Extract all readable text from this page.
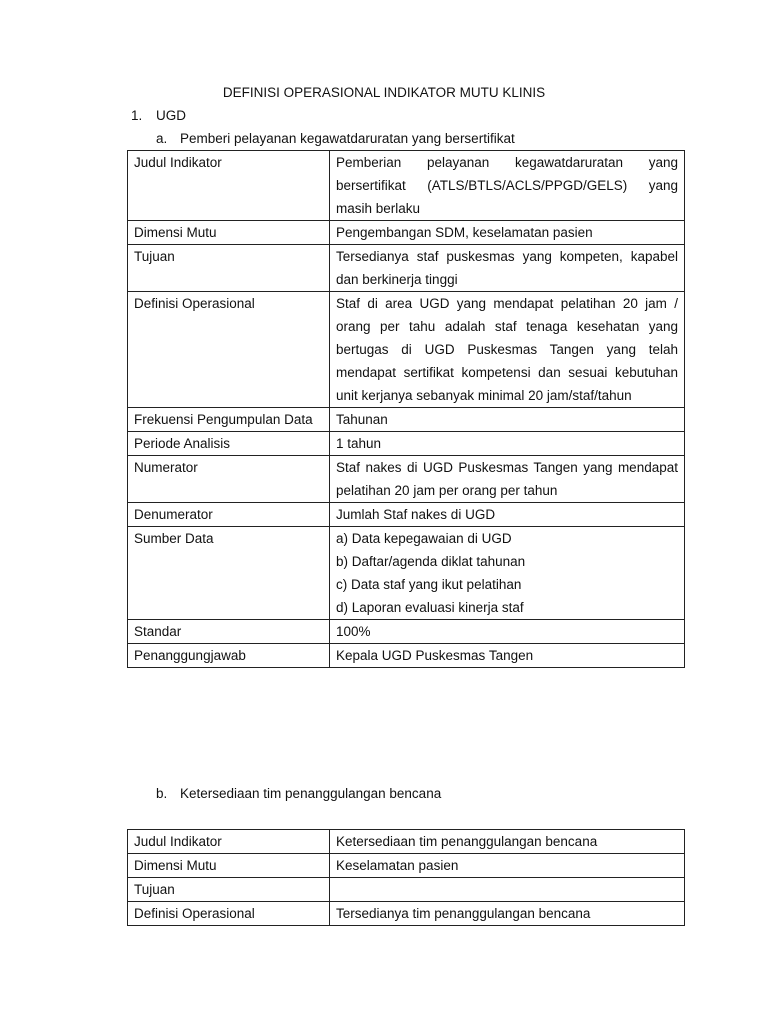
DEFINISI OPERASIONAL INDIKATOR MUTU KLINIS
1. UGD
a. Pemberi pelayanan kegawatdaruratan yang bersertifikat
Judul Indikator	Pemberian pelayanan kegawatdaruratan yang bersertifikat (ATLS/BTLS/ACLS/PPGD/GELS) yang masih berlaku
Dimensi Mutu	Pengembangan SDM, keselamatan pasien
Tujuan	Tersedianya staf puskesmas yang kompeten, kapabel dan berkinerja tinggi
Definisi Operasional	Staf di area UGD yang mendapat pelatihan 20 jam / orang per tahu adalah staf tenaga kesehatan yang bertugas di UGD Puskesmas Tangen yang telah mendapat sertifikat kompetensi dan sesuai kebutuhan unit kerjanya sebanyak minimal 20 jam/staf/tahun
Frekuensi Pengumpulan Data	Tahunan
Periode Analisis	1 tahun
Numerator	Staf nakes di UGD Puskesmas Tangen yang mendapat pelatihan 20 jam per orang per tahun
Denumerator	Jumlah Staf nakes di UGD
Sumber Data	a) Data kepegawaian di UGD
b) Daftar/agenda diklat tahunan
c) Data staf yang ikut pelatihan
d) Laporan evaluasi kinerja staf

Standar	100%
Penanggungjawab	Kepala UGD Puskesmas Tangen
b. Ketersediaan tim penanggulangan bencana
Judul Indikator	Ketersediaan tim penanggulangan bencana
Dimensi Mutu	Keselamatan pasien
Tujuan	
Definisi Operasional	Tersedianya tim penanggulangan bencana
